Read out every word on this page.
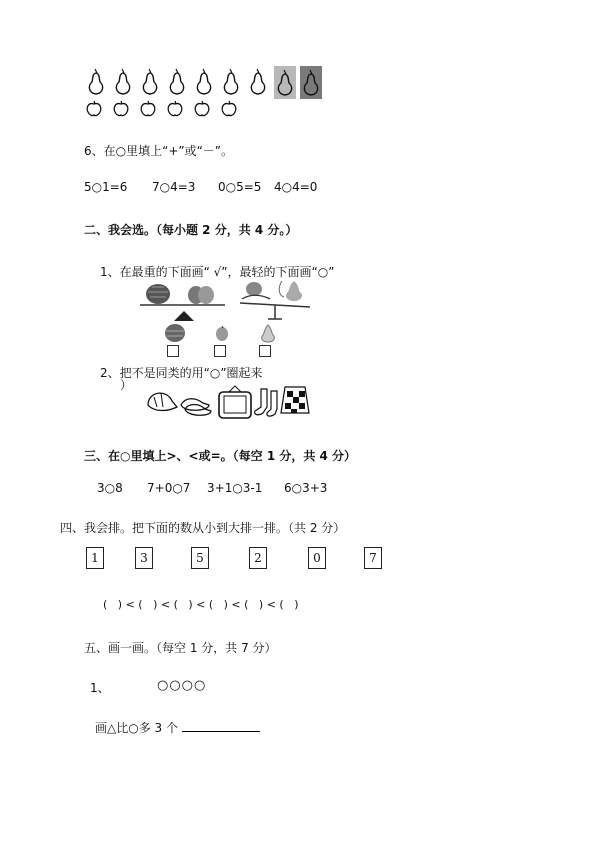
6、在○里填上“+”或“－”。
5○1=6 7○4=3 0○5=5 4○4=0
二、我会选。（每小题 2 分，共 4 分。）
1、在最重的下面画“ √”，最轻的下面画“○”
2、把不是同类的用“○”圈起来
）
三、在○里填上>、<或=。（每空 1 分，共 4 分）
3○8 7+0○7 3+1○3-1 6○3+3
四、我会排。把下面的数从小到大排一排。（共 2 分）
1	3	5	2	0	7
(   ) < (   ) < (   ) < (   ) < (   ) < (   )
五、画一画。（每空 1 分，共 7 分）
1、	○○○○
画△比○多 3 个
